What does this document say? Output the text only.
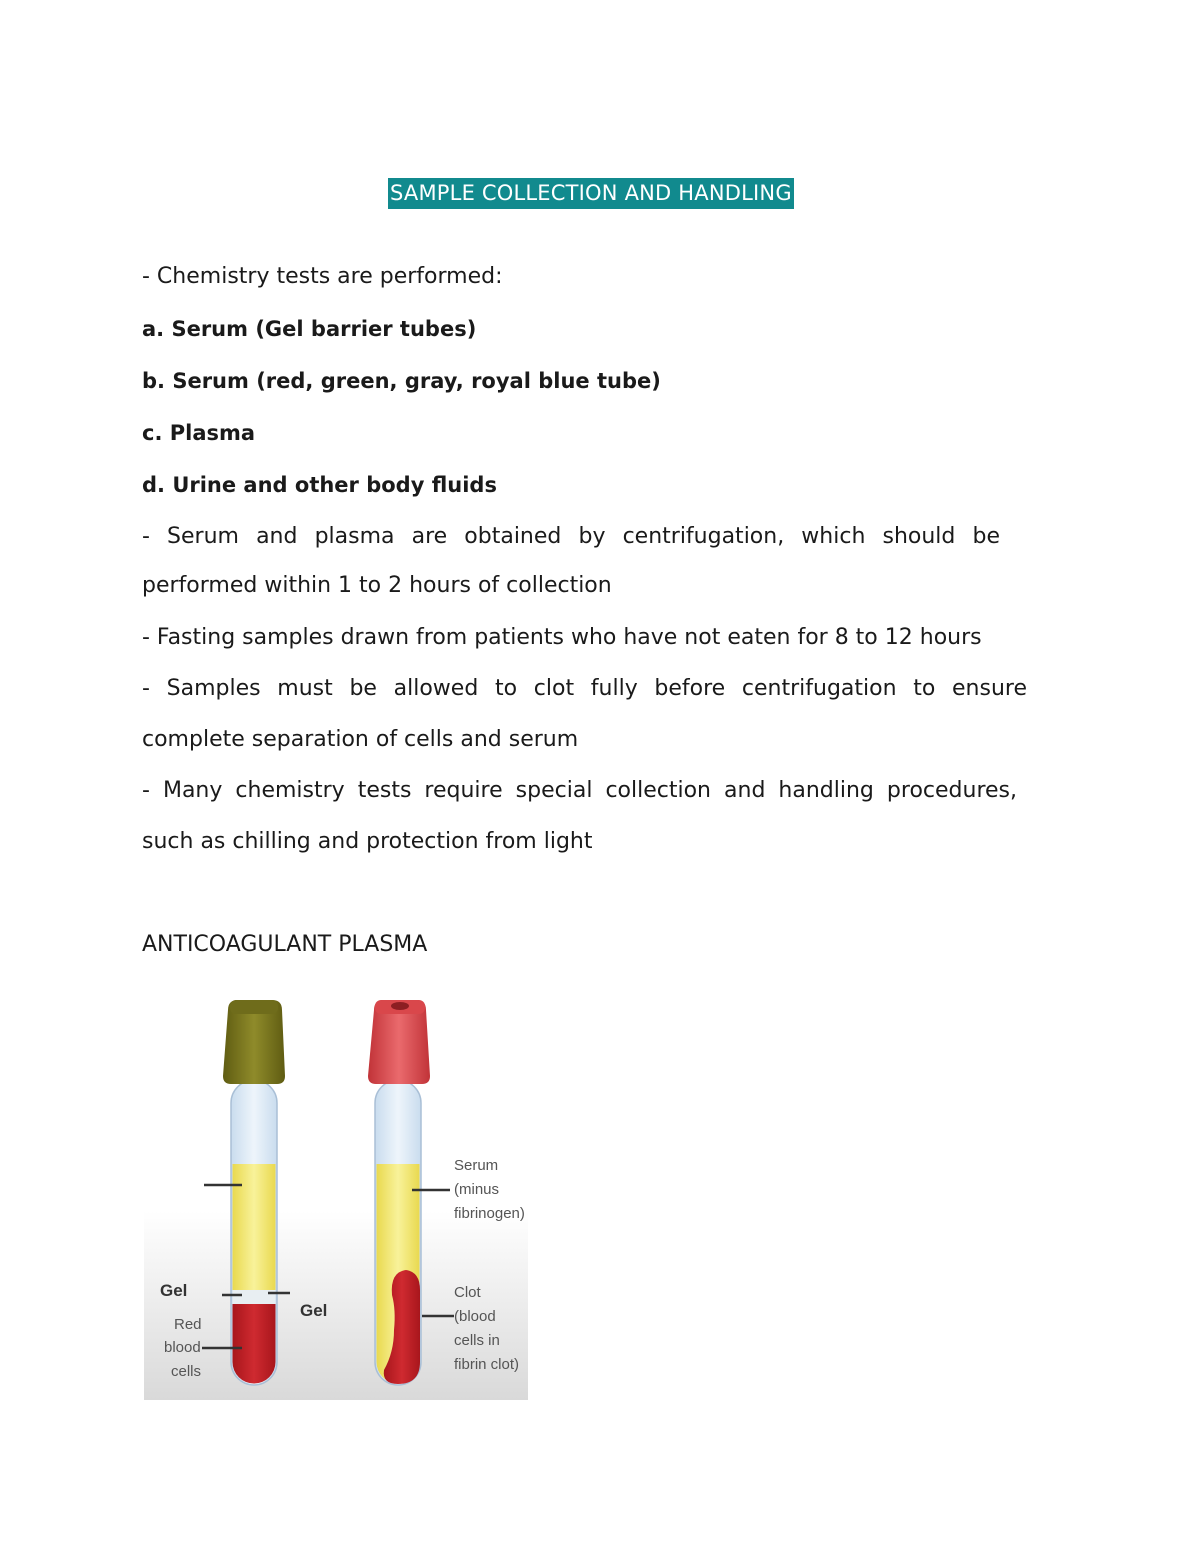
SAMPLE COLLECTION AND HANDLING
- Chemistry tests are performed:
a. Serum (Gel barrier tubes)
b. Serum (red, green, gray, royal blue tube)
c. Plasma
d. Urine and other body fluids
- Serum and plasma are obtained by centrifugation, which should be
performed within 1 to 2 hours of collection
- Fasting samples drawn from patients who have not eaten for 8 to 12 hours
- Samples must be allowed to clot fully before centrifugation to ensure
complete separation of cells and serum
- Many chemistry tests require special collection and handling procedures,
such as chilling and protection from light
ANTICOAGULANT PLASMA
Gel
Red
blood
cells
Gel
Serum
(minus
fibrinogen)
Clot
(blood
cells in
fibrin clot)
